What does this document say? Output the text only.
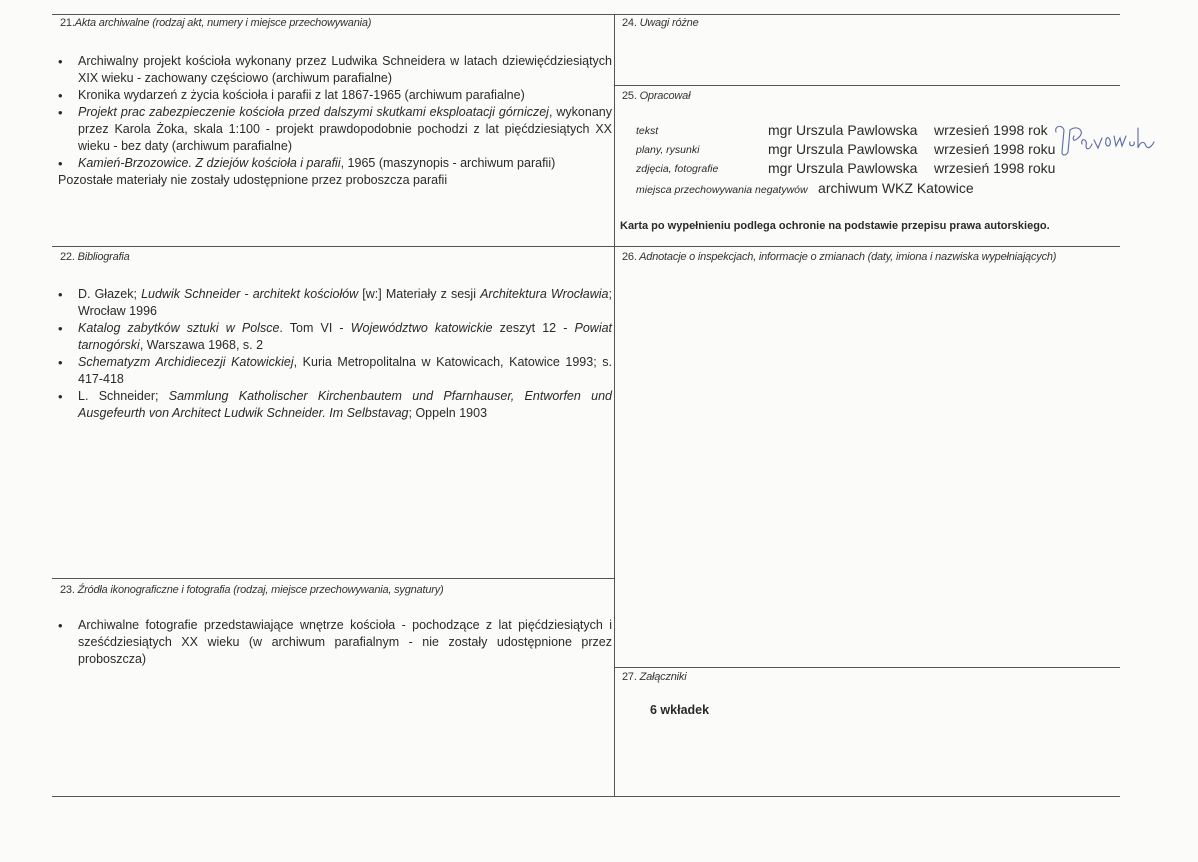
21.Akta archiwalne (rodzaj akt, numery i miejsce przechowywania)
• Archiwalny projekt kościoła wykonany przez Ludwika Schneidera w latach dziewięćdziesiątych XIX wieku - zachowany częściowo (archiwum parafialne)
• Kronika wydarzeń z życia kościoła i parafii z lat 1867-1965 (archiwum parafialne)
• Projekt prac zabezpieczenie kościoła przed dalszymi skutkami eksploatacji górniczej, wykonany przez Karola Żoka, skala 1:100 - projekt prawdopodobnie pochodzi z lat pięćdziesiątych XX wieku - bez daty (archiwum parafialne)
• Kamień-Brzozowice. Z dziejów kościoła i parafii, 1965 (maszynopis - archiwum parafii)
Pozostałe materiały nie zostały udostępnione przez proboszcza parafii
22. Bibliografia
• D. Głazek; Ludwik Schneider - architekt kościołów [w:] Materiały z sesji Architektura Wrocławia; Wrocław 1996
• Katalog zabytków sztuki w Polsce. Tom VI - Województwo katowickie zeszyt 12 - Powiat tarnogórski, Warszawa 1968, s. 2
• Schematyzm Archidiecezji Katowickiej, Kuria Metropolitalna w Katowicach, Katowice 1993; s. 417-418
• L. Schneider; Sammlung Katholischer Kirchenbautem und Pfarnhauser, Entworfen und Ausgefeurth von Architect Ludwik Schneider. Im Selbstavag; Oppeln 1903
23. Źródła ikonograficzne i fotografia (rodzaj, miejsce przechowywania, sygnatury)
• Archiwalne fotografie przedstawiające wnętrze kościoła - pochodzące z lat pięćdziesiątych i sześćdziesiątych XX wieku (w archiwum parafialnym - nie zostały udostępnione przez proboszcza)
24. Uwagi różne
25. Opracował
tekst	mgr Urszula Pawlowska wrzesień 1998 rok
plany, rysunki	mgr Urszula Pawlowska wrzesień 1998 roku
zdjęcia, fotografie	mgr Urszula Pawlowska wrzesień 1998 roku
miejsca przechowywania negatywów archiwum WKZ Katowice
Karta po wypełnieniu podlega ochronie na podstawie przepisu prawa autorskiego.
26. Adnotacje o inspekcjach, informacje o zmianach (daty, imiona i nazwiska wypełniających)
27. Załączniki
6 wkładek
